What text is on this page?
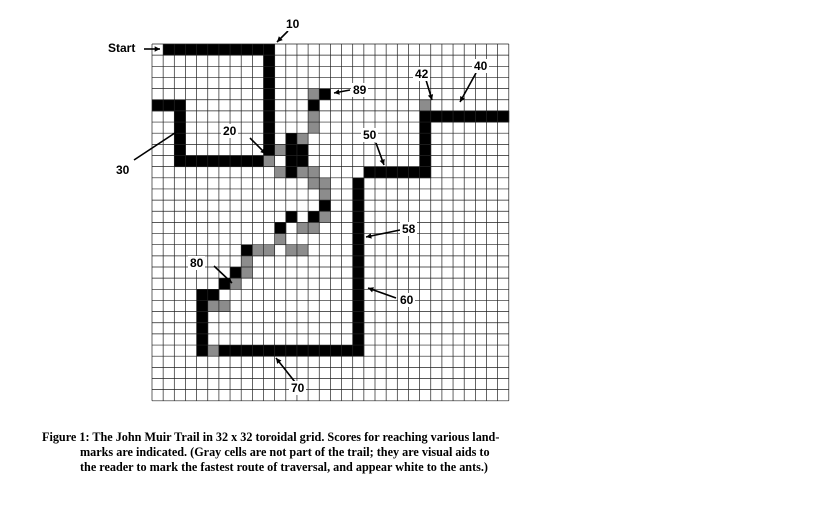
Start
10
20
30
40
42
50
58
60
70
80
89
Figure 1: The John Muir Trail in 32 x 32 toroidal grid. Scores for reaching various land-
marks are indicated. (Gray cells are not part of the trail; they are visual aids to
the reader to mark the fastest route of traversal, and appear white to the ants.)
